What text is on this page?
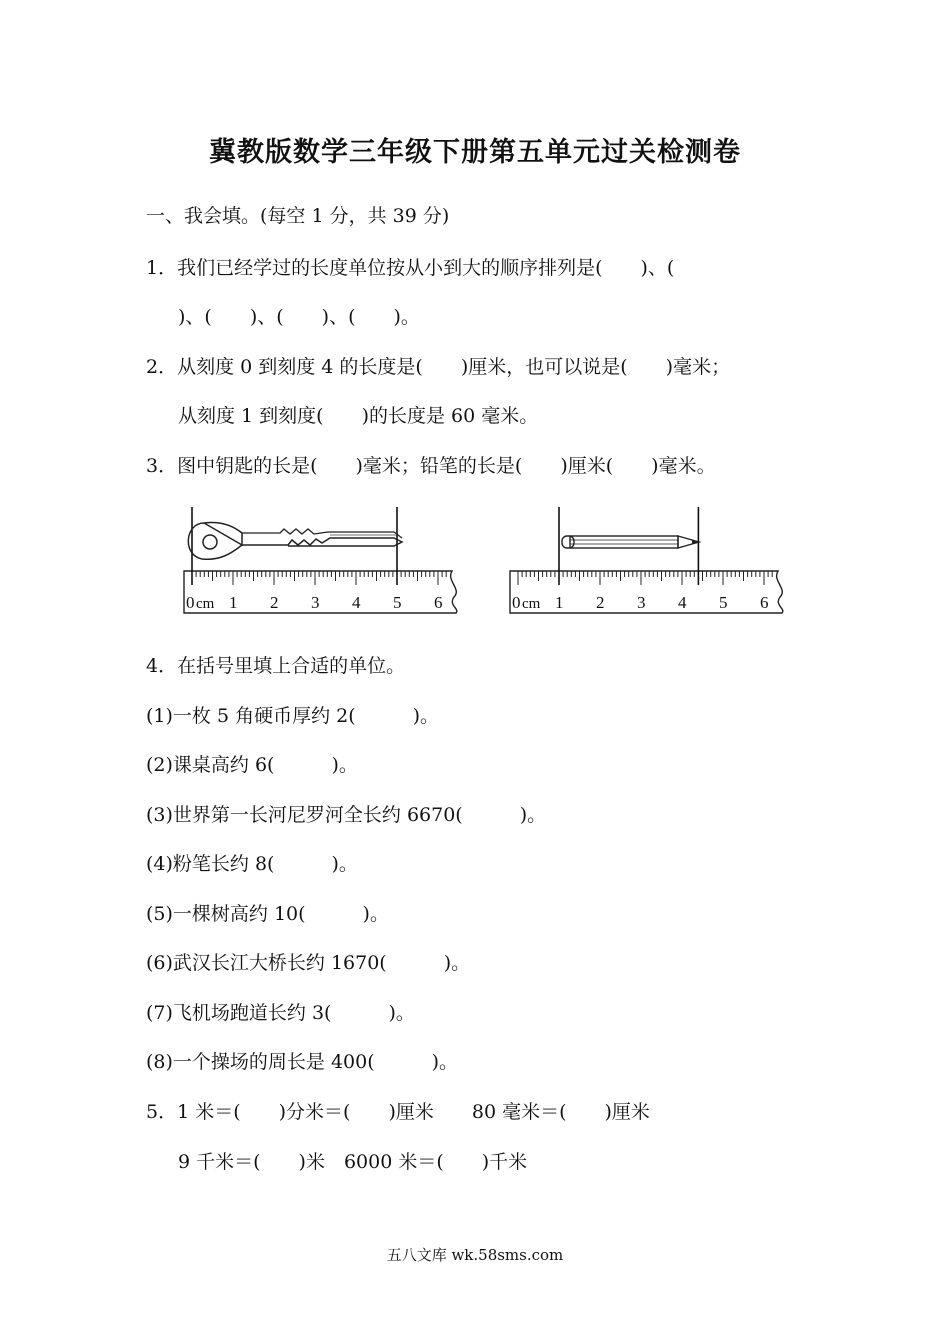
冀教版数学三年级下册第五单元过关检测卷
一、我会填。(每空 1 分，共 39 分)
1．我们已经学过的长度单位按从小到大的顺序排列是(　　)、(
)、(　　)、(　　)、(　　)。
2．从刻度 0 到刻度 4 的长度是(　　)厘米，也可以说是(　　)毫米；
从刻度 1 到刻度(　　)的长度是 60 毫米。
3．图中钥匙的长是(　　)毫米；铅笔的长是(　　)厘米(　　)毫米。
0 1 2 3 4 5 6
cm	0 1 2 3 4 5 6
cm
4．在括号里填上合适的单位。
(1)一枚 5 角硬币厚约 2(　　　)。
(2)课桌高约 6(　　　)。
(3)世界第一长河尼罗河全长约 6670(　　　)。
(4)粉笔长约 8(　　　)。
(5)一棵树高约 10(　　　)。
(6)武汉长江大桥长约 1670(　　　)。
(7)飞机场跑道长约 3(　　　)。
(8)一个操场的周长是 400(　　　)。
5．1 米＝(　　)分米＝(　　)厘米　　80 毫米＝(　　)厘米
9 千米＝(　　)米　6000 米＝(　　)千米
五八文库 wk.58sms.com
